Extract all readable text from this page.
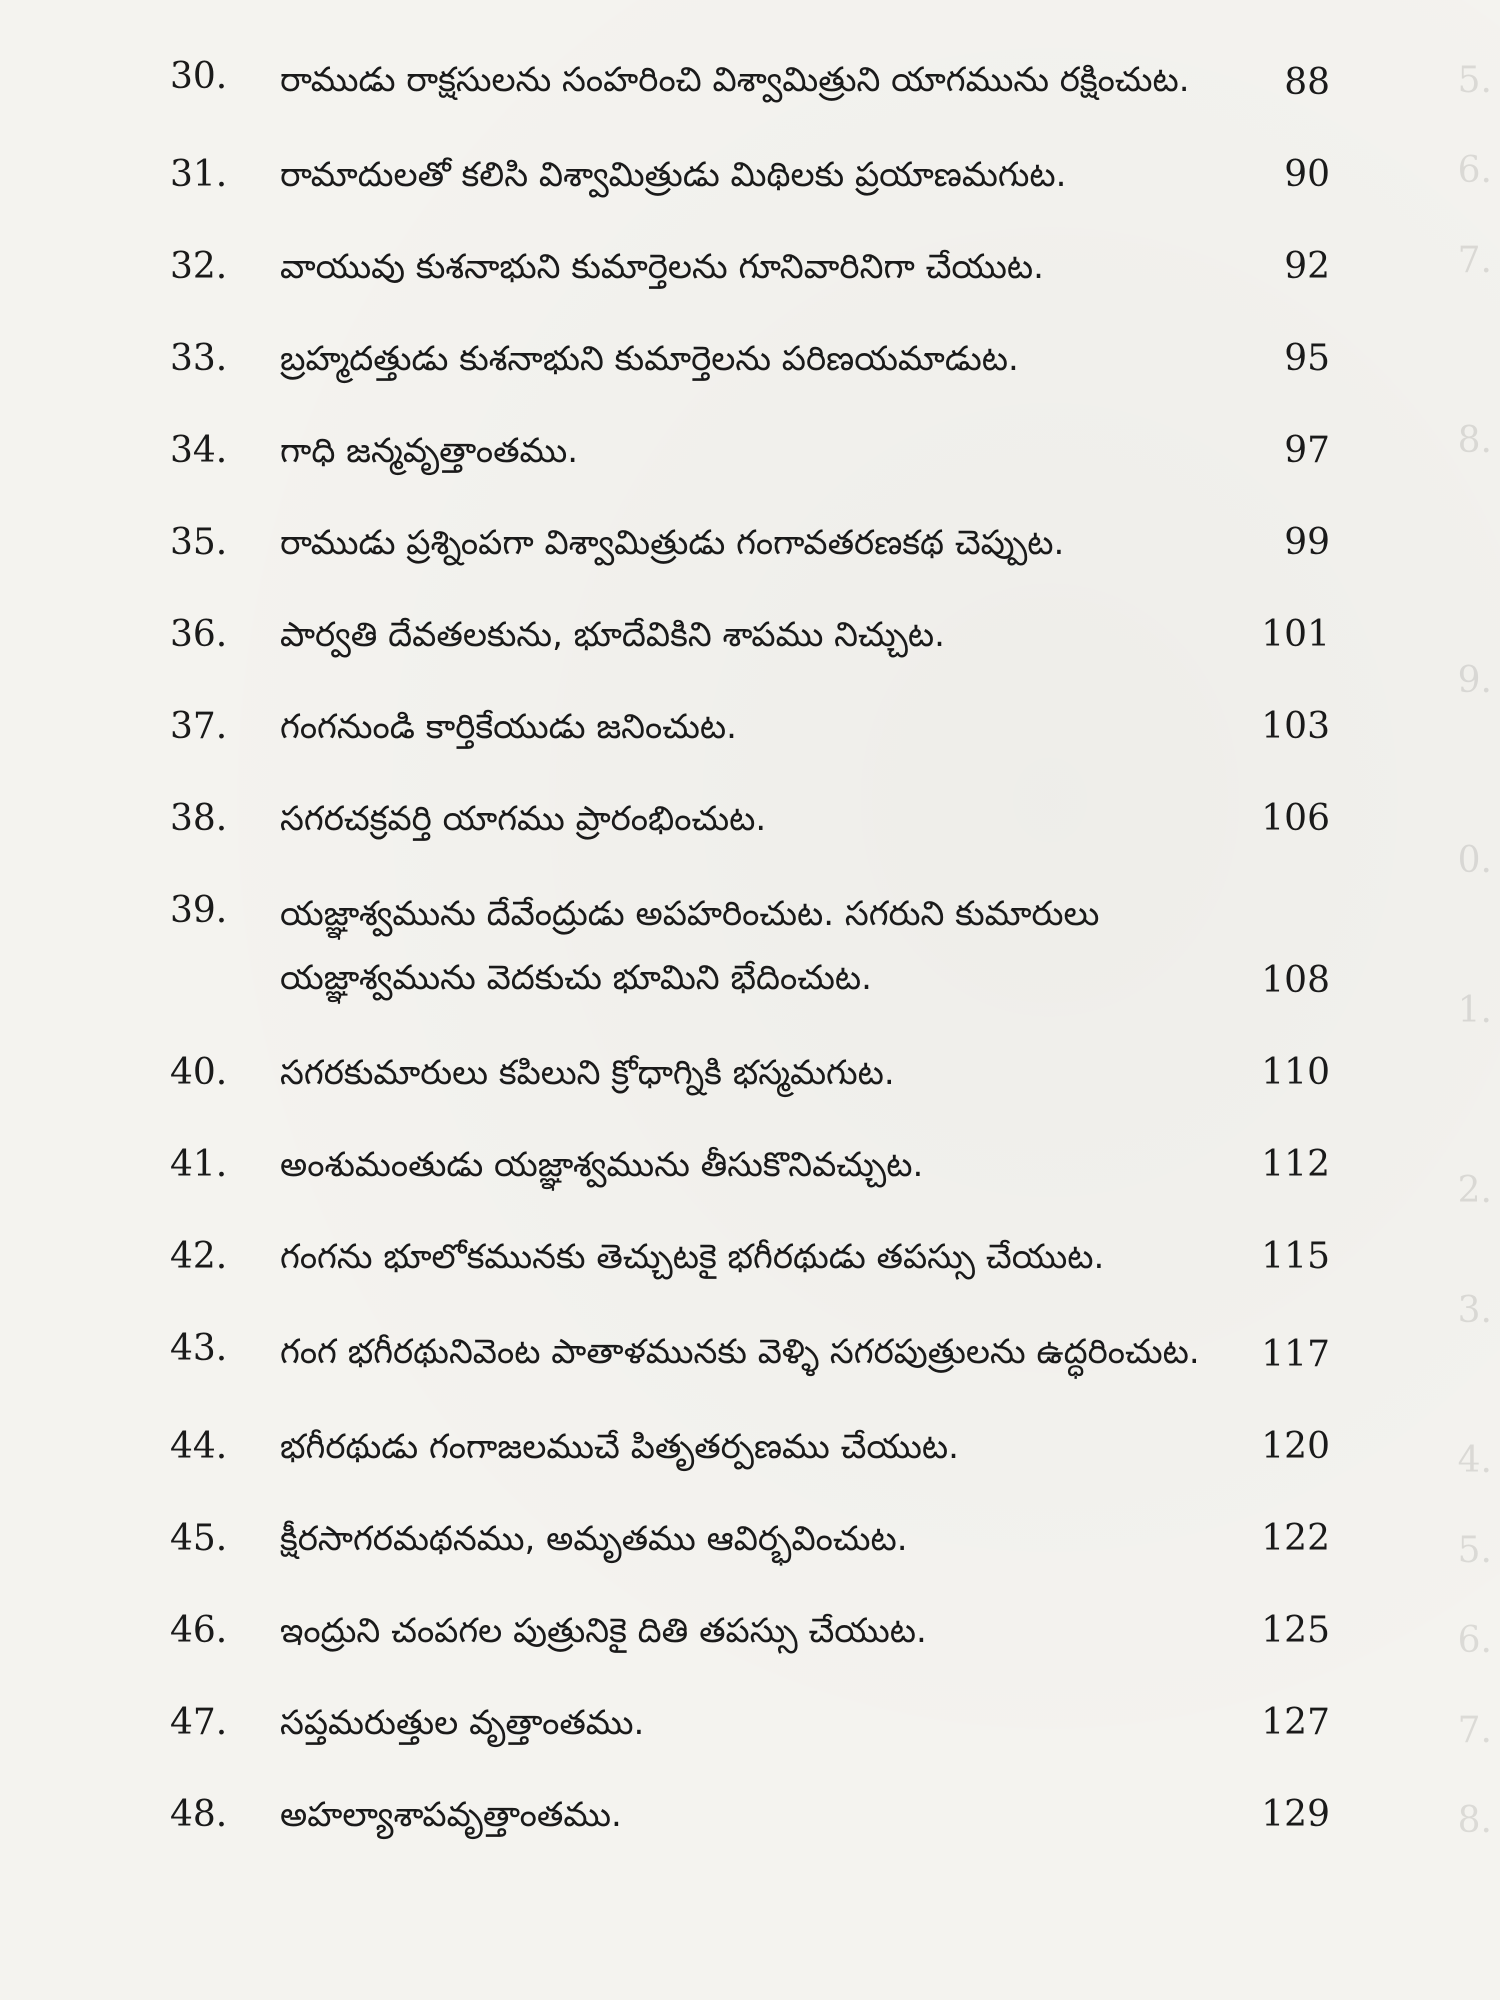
5.
6.
7.
8.
9.
0.
1.
2.
3.
4.
5.
6.
7.
8.
30.	రాముడు రాక్షసులను సంహరించి విశ్వామిత్రుని యాగమును రక్షించుట.	88
31.	రామాదులతో కలిసి విశ్వామిత్రుడు మిథిలకు ప్రయాణమగుట.	90
32.	వాయువు కుశనాభుని కుమార్తెలను గూనివారినిగా చేయుట.	92
33.	బ్రహ్మదత్తుడు కుశనాభుని కుమార్తెలను పరిణయమాడుట.	95
34.	గాధి జన్మవృత్తాంతము.	97
35.	రాముడు ప్రశ్నింపగా విశ్వామిత్రుడు గంగావతరణకథ చెప్పుట.	99
36.	పార్వతి దేవతలకును, భూదేవికిని శాపము నిచ్చుట.	101
37.	గంగనుండి కార్తికేయుడు జనించుట.	103
38.	సగరచక్రవర్తి యాగము ప్రారంభించుట.	106
39.	యజ్ఞాశ్వమును దేవేంద్రుడు అపహరించుట. సగరుని కుమారులు యజ్ఞాశ్వమును వెదకుచు భూమిని భేదించుట.	108
40.	సగరకుమారులు కపిలుని క్రోధాగ్నికి భస్మమగుట.	110
41.	అంశుమంతుడు యజ్ఞాశ్వమును తీసుకొనివచ్చుట.	112
42.	గంగను భూలోకమునకు తెచ్చుటకై భగీరథుడు తపస్సు చేయుట.	115
43.	గంగ భగీరథునివెంట పాతాళమునకు వెళ్ళి సగరపుత్రులను ఉద్ధరించుట. 117
44.	భగీరథుడు గంగాజలముచే పితృతర్పణము చేయుట.	120
45.	క్షీరసాగరమథనము, అమృతము ఆవిర్భవించుట.	122
46.	ఇంద్రుని చంపగల పుత్రునికై దితి తపస్సు చేయుట.	125
47.	సప్తమరుత్తుల వృత్తాంతము.	127
48.	అహల్యాశాపవృత్తాంతము.	129
